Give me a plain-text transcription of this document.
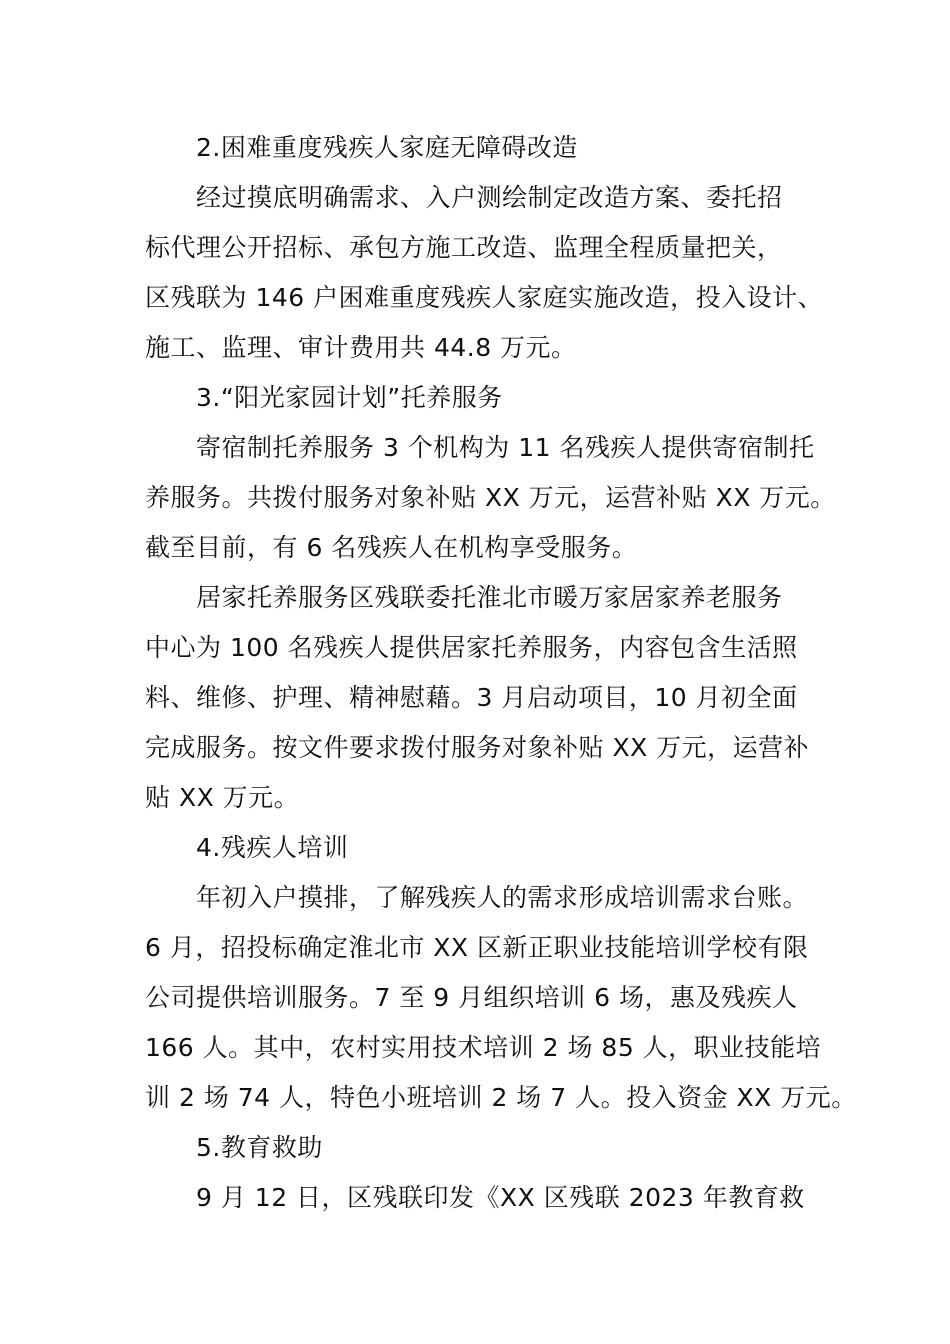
2.困难重度残疾人家庭无障碍改造
经过摸底明确需求、入户测绘制定改造方案、委托招
标代理公开招标、承包方施工改造、监理全程质量把关，
区残联为 146 户困难重度残疾人家庭实施改造，投入设计、
施工、监理、审计费用共 44.8 万元。
3.“阳光家园计划”托养服务
寄宿制托养服务 3 个机构为 11 名残疾人提供寄宿制托
养服务。共拨付服务对象补贴 XX 万元，运营补贴 XX 万元。
截至目前，有 6 名残疾人在机构享受服务。
居家托养服务区残联委托淮北市暖万家居家养老服务
中心为 100 名残疾人提供居家托养服务，内容包含生活照
料、维修、护理、精神慰藉。3 月启动项目，10 月初全面
完成服务。按文件要求拨付服务对象补贴 XX 万元，运营补
贴 XX 万元。
4.残疾人培训
年初入户摸排，了解残疾人的需求形成培训需求台账。
6 月，招投标确定淮北市 XX 区新正职业技能培训学校有限
公司提供培训服务。7 至 9 月组织培训 6 场，惠及残疾人
166 人。其中，农村实用技术培训 2 场 85 人，职业技能培
训 2 场 74 人，特色小班培训 2 场 7 人。投入资金 XX 万元。
5.教育救助
9 月 12 日，区残联印发《XX 区残联 2023 年教育救
